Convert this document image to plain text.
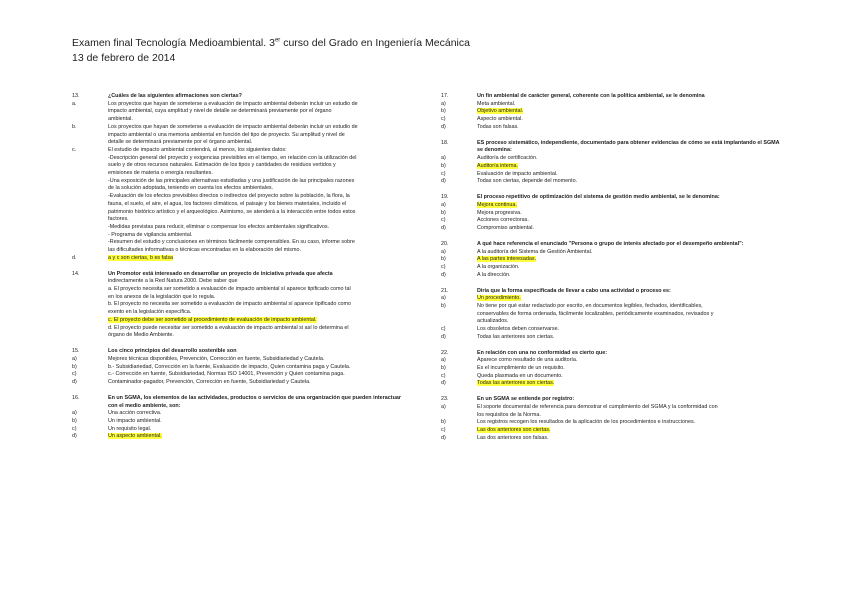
Examen final Tecnología Medioambiental. 3er curso del Grado en Ingeniería Mecánica
13 de febrero de 2014
13.	¿Cuáles de las siguientes afirmaciones son ciertas?
a.	Los proyectos que hayan de someterse a evaluación de impacto ambiental deberán incluir un estudio de
impacto ambiental, cuya amplitud y nivel de detalle se determinará previamente por el órgano
ambiental.
b.	Los proyectos que hayan de someterse a evaluación de impacto ambiental deberán incluir un estudio de
impacto ambiental o una memoria ambiental en función del tipo de proyecto. Su amplitud y nivel de
detalle se determinará previamente por el órgano ambiental.
c.	El estudio de impacto ambiental contendrá, al menos, los siguientes datos:
-Descripción general del proyecto y exigencias previsibles en el tiempo, en relación con la utilización del
suelo y de otros recursos naturales. Estimación de los tipos y cantidades de residuos vertidos y
emisiones de materia o energía resultantes.
-Una exposición de las principales alternativas estudiadas y una justificación de las principales razones
de la solución adoptada, teniendo en cuenta los efectos ambientales.
-Evaluación de los efectos previsibles directos o indirectos del proyecto sobre la población, la flora, la
fauna, el suelo, el aire, el agua, los factores climáticos, el paisaje y los bienes materiales, incluido el
patrimonio histórico artístico y el arqueológico. Asimismo, se atenderá a la interacción entre todos estos
factores.
-Medidas previstas para reducir, eliminar o compensar los efectos ambientales significativos.
- Programa de vigilancia ambiental.
-Resumen del estudio y conclusiones en términos fácilmente comprensibles. En su caso, informe sobre
las dificultades informativas o técnicas encontradas en la elaboración del mismo.
d.	a y c son ciertas, b es falsa
14.	Un Promotor está interesado en desarrollar un proyecto de iniciativa privada que afecta
indirectamente a la Red Natura 2000. Debe saber que
a. El proyecto necesita ser sometido a evaluación de impacto ambiental sí aparece tipificado como tal
en los anexos de la legislación que lo regula.
b. El proyecto no necesita ser sometido a evaluación de impacto ambiental sí aparece tipificado como
exento en la legislación específica.
c. El proyecto debe ser sometido al procedimiento de evaluación de impacto ambiental.
d. El proyecto puede necesitar ser sometido a evaluación de impacto ambiental si así lo determina el
órgano de Medio Ambiente.
15.	Los cinco principios del desarrollo sostenible son
a)	Mejores técnicas disponibles, Prevención, Corrección en fuente, Subsidiariedad y Cautela.
b)	b.- Subsidiariedad, Corrección en la fuente, Evaluación de impacto, Quien contamina paga y Cautela.
c)	c.- Corrección en fuente, Subsidiariedad, Normas ISO 14001, Prevención y Quien contamina paga.
d)	Contaminador-pagador, Prevención, Corrección en fuente, Subsidiariedad y Cautela.
16.	En un SGMA, los elementos de las actividades, productos o servicios de una organización que pueden interactuar con el medio ambiente, son:
a)	Una acción correctiva.
b)	Un impacto ambiental.
c)	Un requisito legal.
d)	Un aspecto ambiental.
17.	Un fin ambiental de carácter general, coherente con la política ambiental, se le denomina
a)	Meta ambiental.
b)	Objetivo ambiental.
c)	Aspecto ambiental.
d)	Todas son falsas.
18.	ES proceso sistemático, independiente, documentado para obtener evidencias de cómo se está implantando el SGMA se denomina:
a)	Auditoría de certificación.
b)	Auditoría interna.
c)	Evaluación de impacto ambiental.
d)	Todas son ciertas, depende del momento.
19.	El proceso repetitivo de optimización del sistema de gestión medio ambiental, se le denomina:
a)	Mejora continua.
b)	Mejora progresiva.
c)	Acciones correctoras.
d)	Compromiso ambiental.
20.	A qué hace referencia el enunciado "Persona o grupo de interés afectado por el desempeño ambiental":
a)	A la auditoría del Sistema de Gestión Ambiental.
b)	A las partes interesadas.
c)	A la organización.
d)	A la dirección.
21.	Diría que la forma especificada de llevar a cabo una actividad o proceso es:
a)	Un procedimiento.
b)	No tiene por qué estar redactado por escrito, en documentos legibles, fechados, identificables,
conservables de forma ordenada, fácilmente localizables, periódicamente examinados, revisados y
actualizados.
c)	Los obsoletos deben conservarse.
d)	Todas las anteriores son ciertas.
22.	En relación con una no conformidad es cierto que:
a)	Aparece como resultado de una auditoría.
b)	Es el incumplimiento de un requisito.
c)	Queda plasmada en un documento.
d)	Todas las anteriores son ciertas.
23.	En un SGMA se entiende por registro:
a)	El soporte documental de referencia para demostrar el cumplimiento del SGMA y la conformidad con
los requisitos de la Norma.
b)	Los registros recogen los resultados de la aplicación de los procedimientos e instrucciones.
c)	Las dos anteriores son ciertas.
d)	Las dos anteriores son falsas.
